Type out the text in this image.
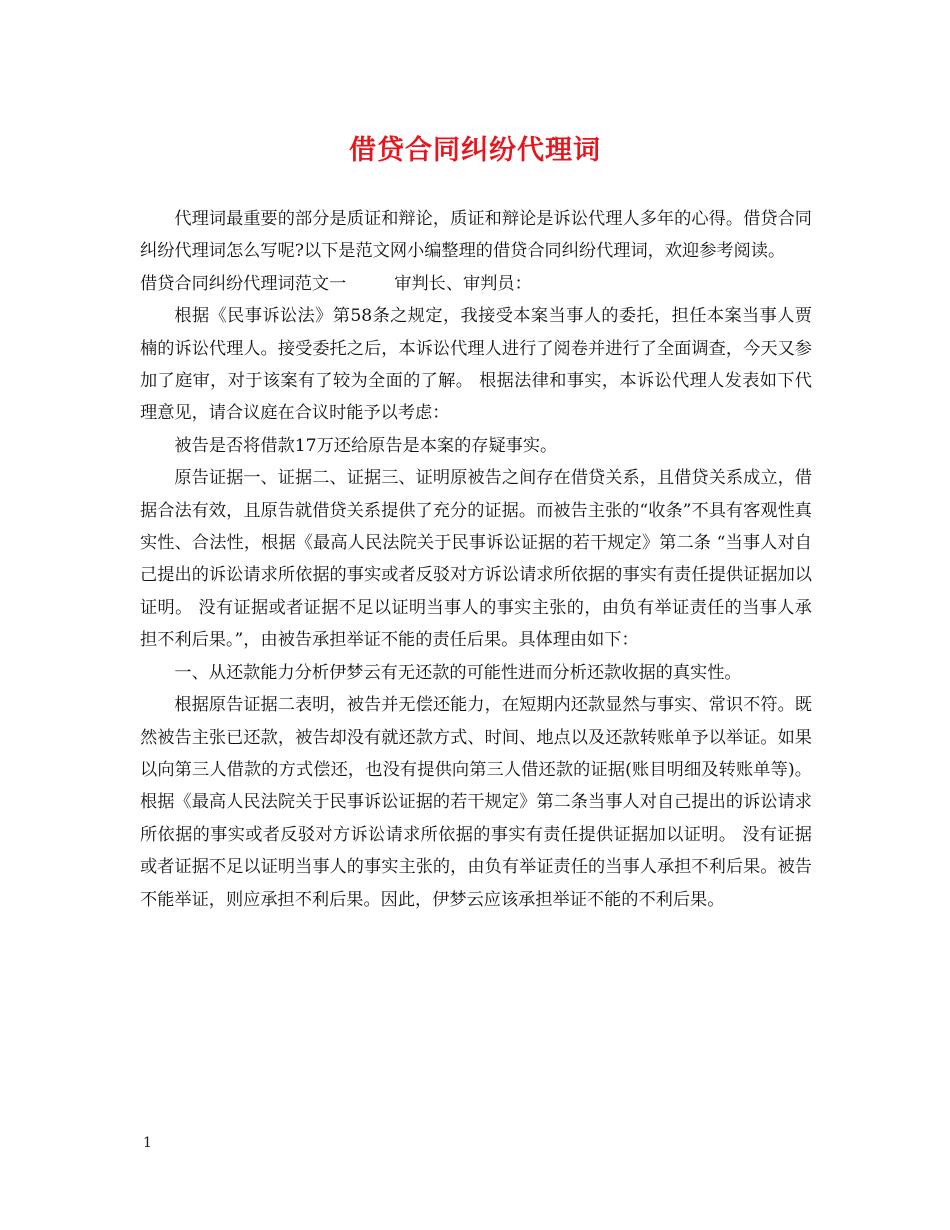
借贷合同纠纷代理词

代理词最重要的部分是质证和辩论，质证和辩论是诉讼代理人多年的心得。借贷合同纠纷代理词怎么写呢?以下是范文网小编整理的借贷合同纠纷代理词，欢迎参考阅读。

借贷合同纠纷代理词范文一	审判长、审判员：

根据《民事诉讼法》第58条之规定，我接受本案当事人的委托，担任本案当事人贾楠的诉讼代理人。接受委托之后，本诉讼代理人进行了阅卷并进行了全面调查，今天又参加了庭审，对于该案有了较为全面的了解。 根据法律和事实，本诉讼代理人发表如下代理意见，请合议庭在合议时能予以考虑：

被告是否将借款17万还给原告是本案的存疑事实。

原告证据一、证据二、证据三、证明原被告之间存在借贷关系，且借贷关系成立，借据合法有效，且原告就借贷关系提供了充分的证据。而被告主张的“收条”不具有客观性真实性、合法性，根据《最高人民法院关于民事诉讼证据的若干规定》第二条 “当事人对自己提出的诉讼请求所依据的事实或者反驳对方诉讼请求所依据的事实有责任提供证据加以证明。 没有证据或者证据不足以证明当事人的事实主张的，由负有举证责任的当事人承担不利后果。”，由被告承担举证不能的责任后果。具体理由如下：

一、从还款能力分析伊梦云有无还款的可能性进而分析还款收据的真实性。

根据原告证据二表明，被告并无偿还能力，在短期内还款显然与事实、常识不符。既然被告主张已还款，被告却没有就还款方式、时间、地点以及还款转账单予以举证。如果以向第三人借款的方式偿还，也没有提供向第三人借还款的证据(账目明细及转账单等)。根据《最高人民法院关于民事诉讼证据的若干规定》第二条当事人对自己提出的诉讼请求所依据的事实或者反驳对方诉讼请求所依据的事实有责任提供证据加以证明。 没有证据或者证据不足以证明当事人的事实主张的，由负有举证责任的当事人承担不利后果。被告不能举证，则应承担不利后果。因此，伊梦云应该承担举证不能的不利后果。

1
